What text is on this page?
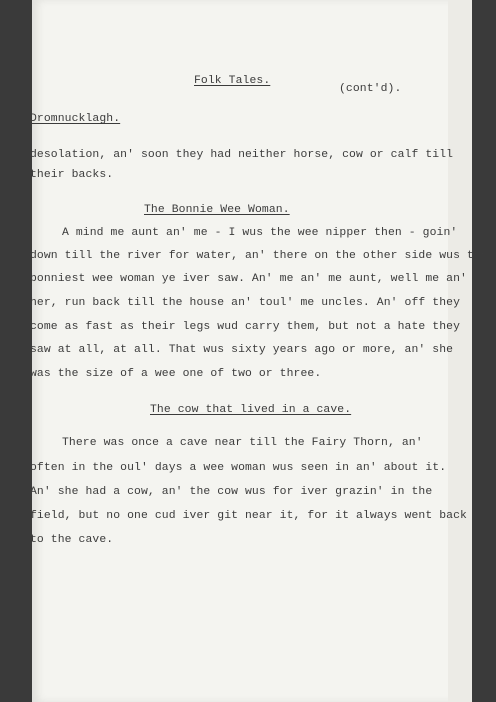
Folk Tales.
(cont'd).
Dromnucklagh.
desolation, an' soon they had neither horse, cow or calf till
their backs.
The Bonnie Wee Woman.
A mind me aunt an' me - I wus the wee nipper then - goin'
down till the river for water, an' there on the other side wus the
bonniest wee woman ye iver saw. An' me an' me aunt, well me an'
her, run back till the house an' toul' me uncles. An' off they
come as fast as their legs wud carry them, but not a hate they
saw at all, at all. That wus sixty years ago or more, an' she
was the size of a wee one of two or three.
The cow that lived in a cave.
There was once a cave near till the Fairy Thorn, an'
often in the oul' days a wee woman wus seen in an' about it.
An' she had a cow, an' the cow wus for iver grazin' in the
field, but no one cud iver git near it, for it always went back
to the cave.
